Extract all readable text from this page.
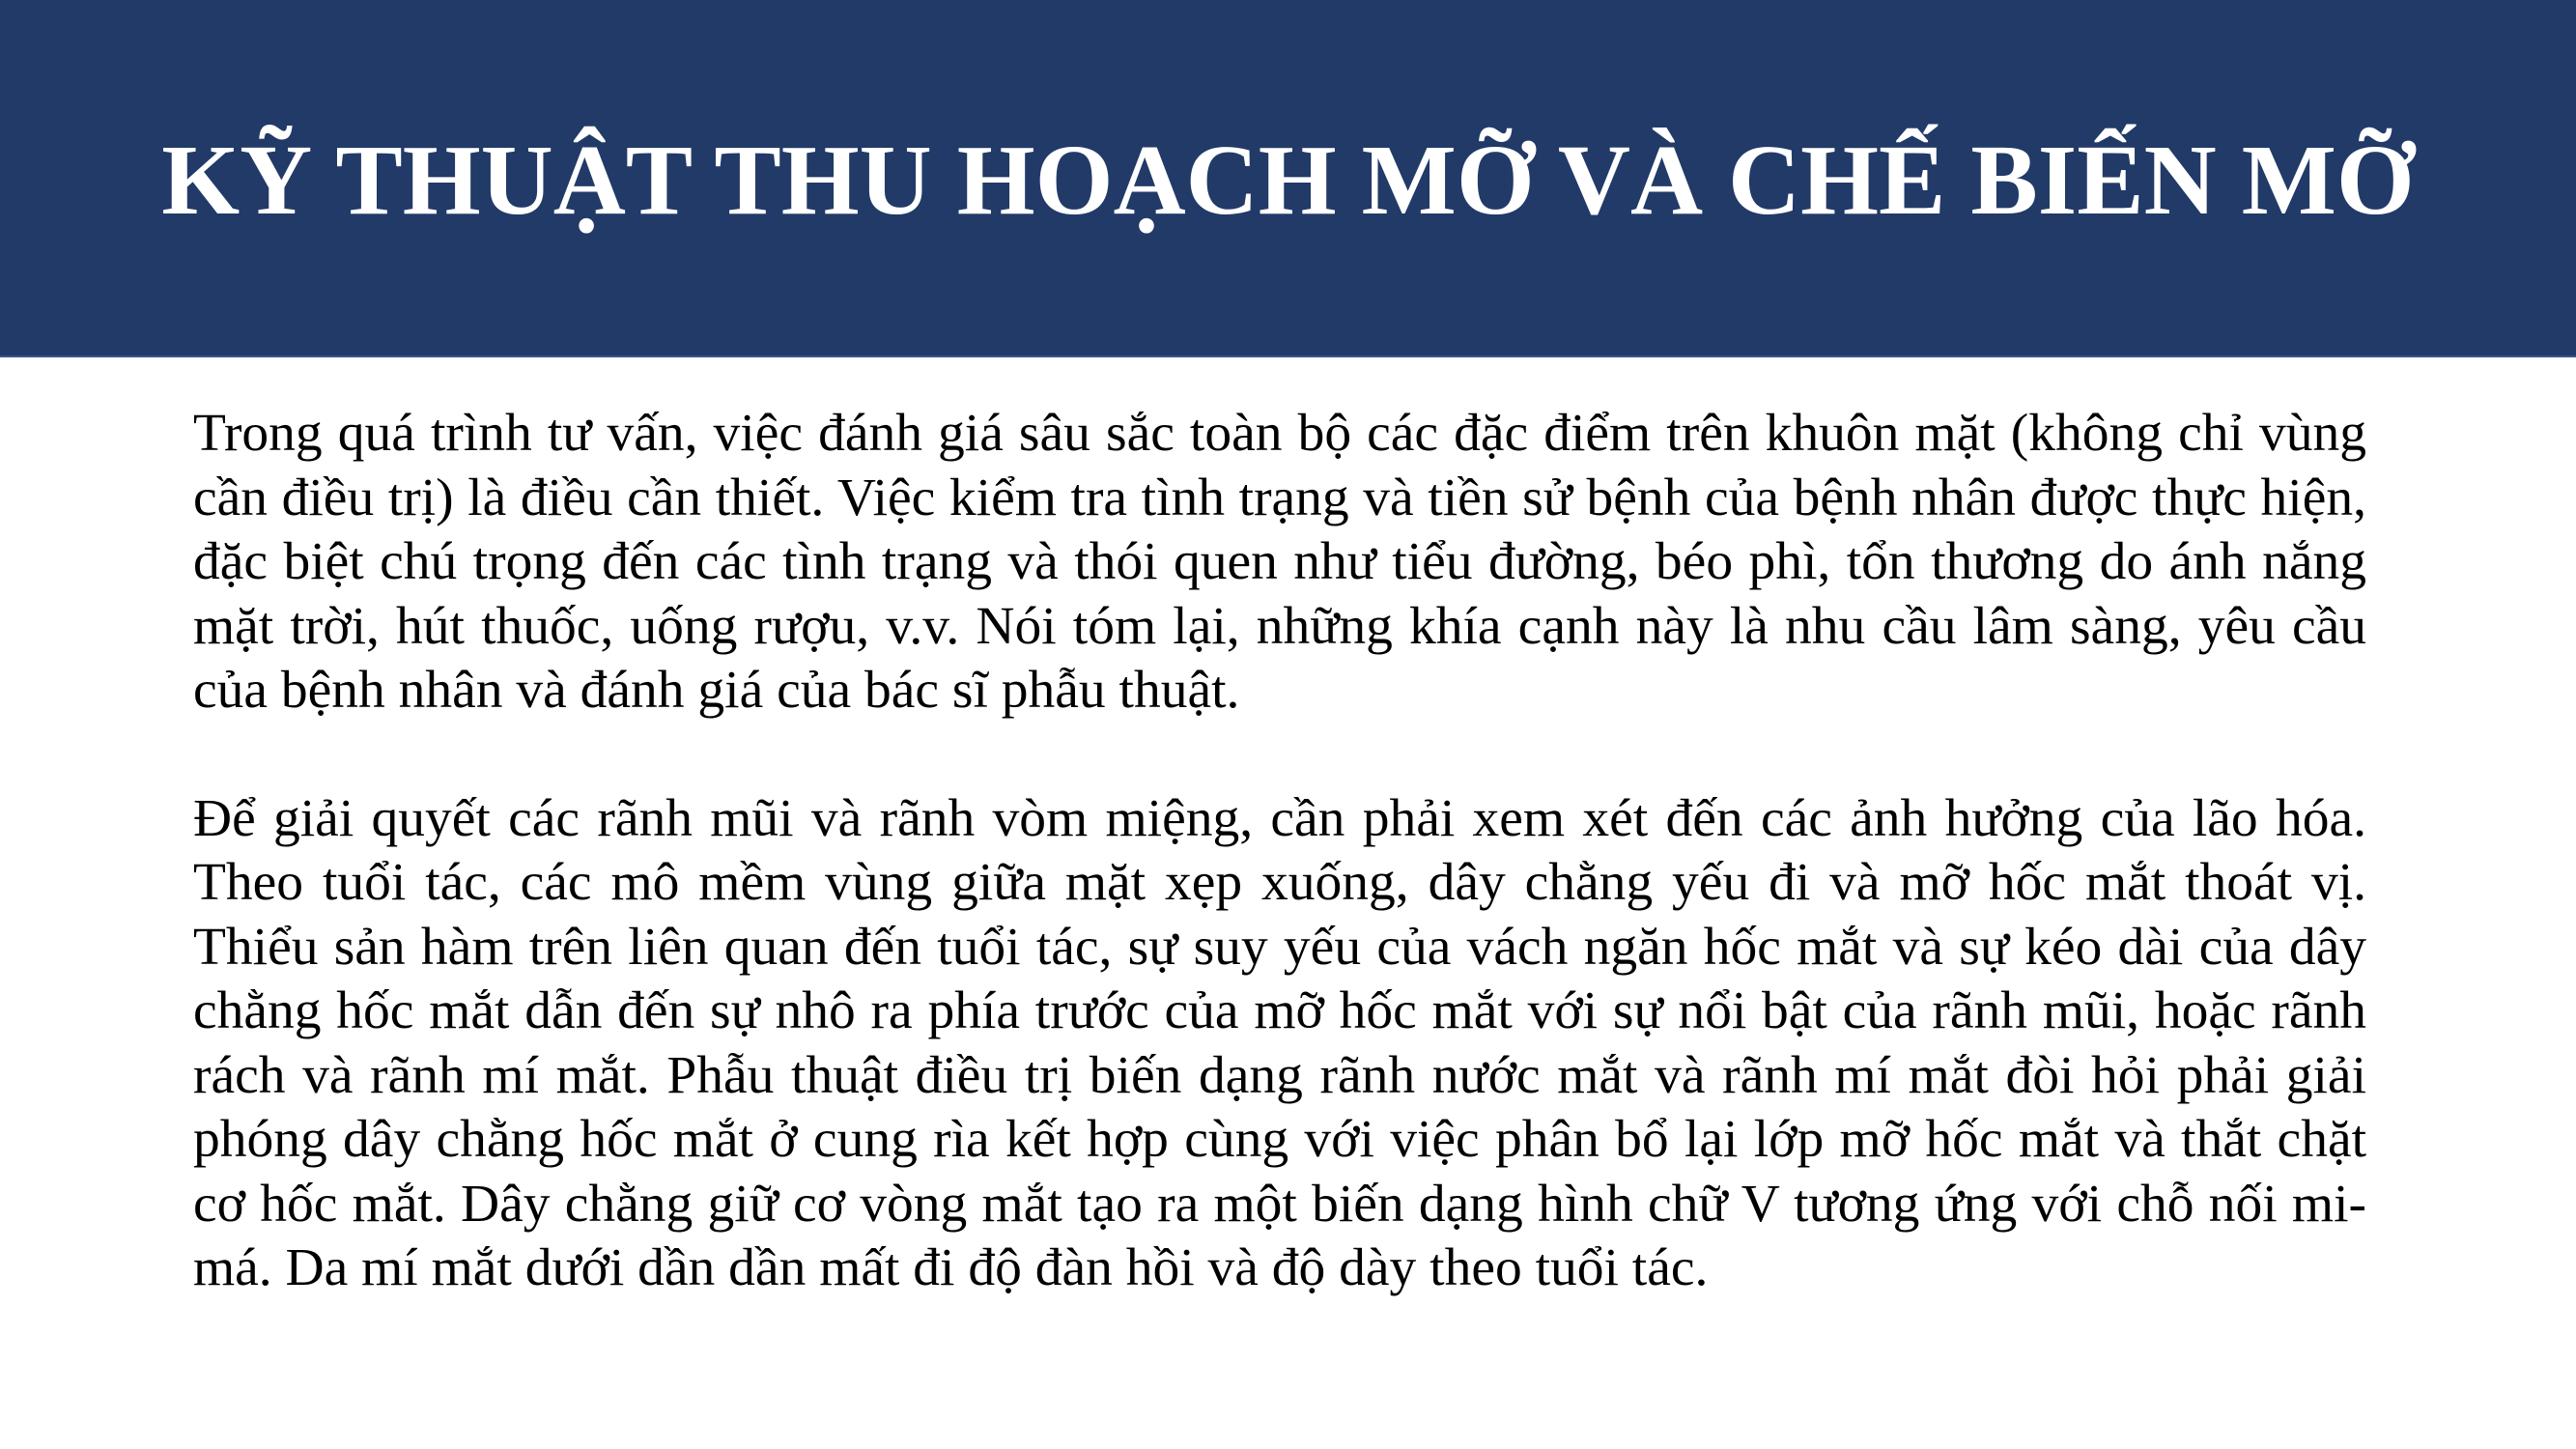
KỸ THUẬT THU HOẠCH MỠ VÀ CHẾ BIẾN MỠ

Trong quá trình tư vấn, việc đánh giá sâu sắc toàn bộ các đặc điểm trên khuôn mặt (không chỉ vùng cần điều trị) là điều cần thiết. Việc kiểm tra tình trạng và tiền sử bệnh của bệnh nhân được thực hiện, đặc biệt chú trọng đến các tình trạng và thói quen như tiểu đường, béo phì, tổn thương do ánh nắng mặt trời, hút thuốc, uống rượu, v.v. Nói tóm lại, những khía cạnh này là nhu cầu lâm sàng, yêu cầu của bệnh nhân và đánh giá của bác sĩ phẫu thuật.

Để giải quyết các rãnh mũi và rãnh vòm miệng, cần phải xem xét đến các ảnh hưởng của lão hóa. Theo tuổi tác, các mô mềm vùng giữa mặt xẹp xuống, dây chằng yếu đi và mỡ hốc mắt thoát vị. Thiểu sản hàm trên liên quan đến tuổi tác, sự suy yếu của vách ngăn hốc mắt và sự kéo dài của dây chằng hốc mắt dẫn đến sự nhô ra phía trước của mỡ hốc mắt với sự nổi bật của rãnh mũi, hoặc rãnh rách và rãnh mí mắt. Phẫu thuật điều trị biến dạng rãnh nước mắt và rãnh mí mắt đòi hỏi phải giải phóng dây chằng hốc mắt ở cung rìa kết hợp cùng với việc phân bổ lại lớp mỡ hốc mắt và thắt chặt cơ hốc mắt. Dây chằng giữ cơ vòng mắt tạo ra một biến dạng hình chữ V tương ứng với chỗ nối mi-má. Da mí mắt dưới dần dần mất đi độ đàn hồi và độ dày theo tuổi tác.
